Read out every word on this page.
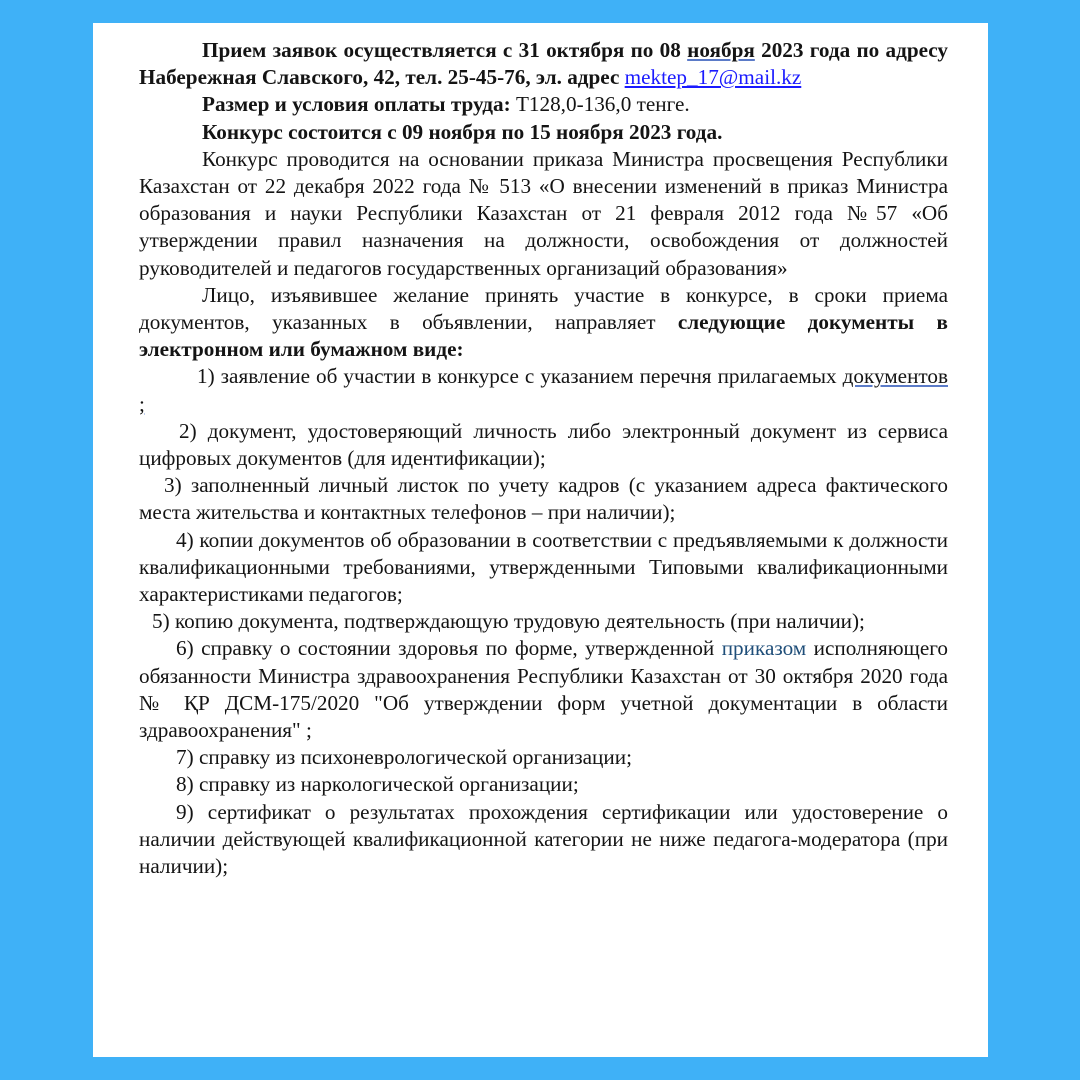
Прием заявок осуществляется с 31 октября по 08 ноября 2023 года по адресу Набережная Славского, 42, тел. 25-45-76, эл. адрес mektep_17@mail.kz

Размер и условия оплаты труда: Т128,0-136,0 тенге.

Конкурс состоится с 09 ноября по 15 ноября 2023 года.

Конкурс проводится на основании приказа Министра просвещения Республики Казахстан от 22 декабря 2022 года № 513 «О внесении изменений в приказ Министра образования и науки Республики Казахстан от 21 февраля 2012 года №57 «Об утверждении правил назначения на должности, освобождения от должностей руководителей и педагогов государственных организаций образования»

Лицо, изъявившее желание принять участие в конкурсе, в сроки приема документов, указанных в объявлении, направляет следующие документы в электронном или бумажном виде:

1) заявление об участии в конкурсе с указанием перечня прилагаемых документов ;

2) документ, удостоверяющий личность либо электронный документ из сервиса цифровых документов (для идентификации);

3) заполненный личный листок по учету кадров (с указанием адреса фактического места жительства и контактных телефонов – при наличии);

4) копии документов об образовании в соответствии с предъявляемыми к должности квалификационными требованиями, утвержденными Типовыми квалификационными характеристиками педагогов;

5) копию документа, подтверждающую трудовую деятельность (при наличии);

6) справку о состоянии здоровья по форме, утвержденной приказом исполняющего обязанности Министра здравоохранения Республики Казахстан от 30 октября 2020 года № ҚР ДСМ-175/2020 "Об утверждении форм учетной документации в области здравоохранения" ;

7) справку из психоневрологической организации;

8) справку из наркологической организации;

9) сертификат о результатах прохождения сертификации или удостоверение о наличии действующей квалификационной категории не ниже педагога-модератора (при наличии);
